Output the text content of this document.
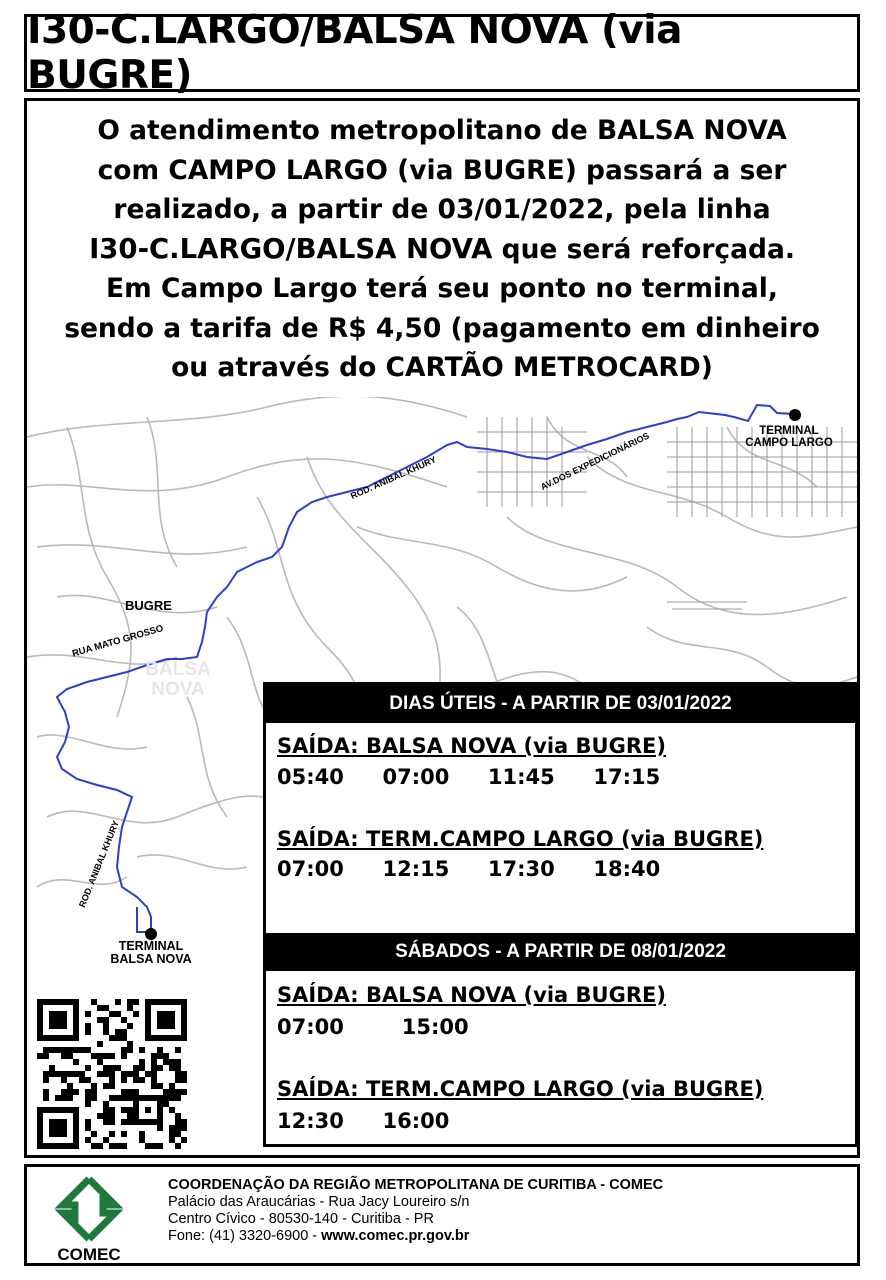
I30-C.LARGO/BALSA NOVA (via BUGRE)
O atendimento metropolitano de BALSA NOVA
com CAMPO LARGO (via BUGRE) passará a ser
realizado, a partir de 03/01/2022, pela linha
I30-C.LARGO/BALSA NOVA que será reforçada.
Em Campo Largo terá seu ponto no terminal,
sendo a tarifa de R$ 4,50 (pagamento em dinheiro
ou através do CARTÃO METROCARD)
TERMINAL
CAMPO LARGO
TERMINAL
BALSA NOVA
BUGRE
BALSA
NOVA
RUA MATO GROSSO
ROD. ANIBAL KHURY	AV.DOS EXPEDICIONÁRIOS
ROD. ANIBAL KHURY
DIAS ÚTEIS - A PARTIR DE 03/01/2022
SAÍDA: BALSA NOVA (via BUGRE)
05:40  07:00  11:45  17:15
SAÍDA: TERM.CAMPO LARGO (via BUGRE)
07:00  12:15  17:30  18:40
SÁBADOS - A PARTIR DE 08/01/2022
SAÍDA: BALSA NOVA (via BUGRE)
07:00   15:00
SAÍDA: TERM.CAMPO LARGO (via BUGRE)
12:30  16:00
COMEC
COORDENAÇÃO DA REGIÃO METROPOLITANA DE CURITIBA - COMEC
Palácio das Araucárias - Rua Jacy Loureiro s/n
Centro Cívico - 80530-140 - Curitiba - PR
Fone: (41) 3320-6900 - www.comec.pr.gov.br
